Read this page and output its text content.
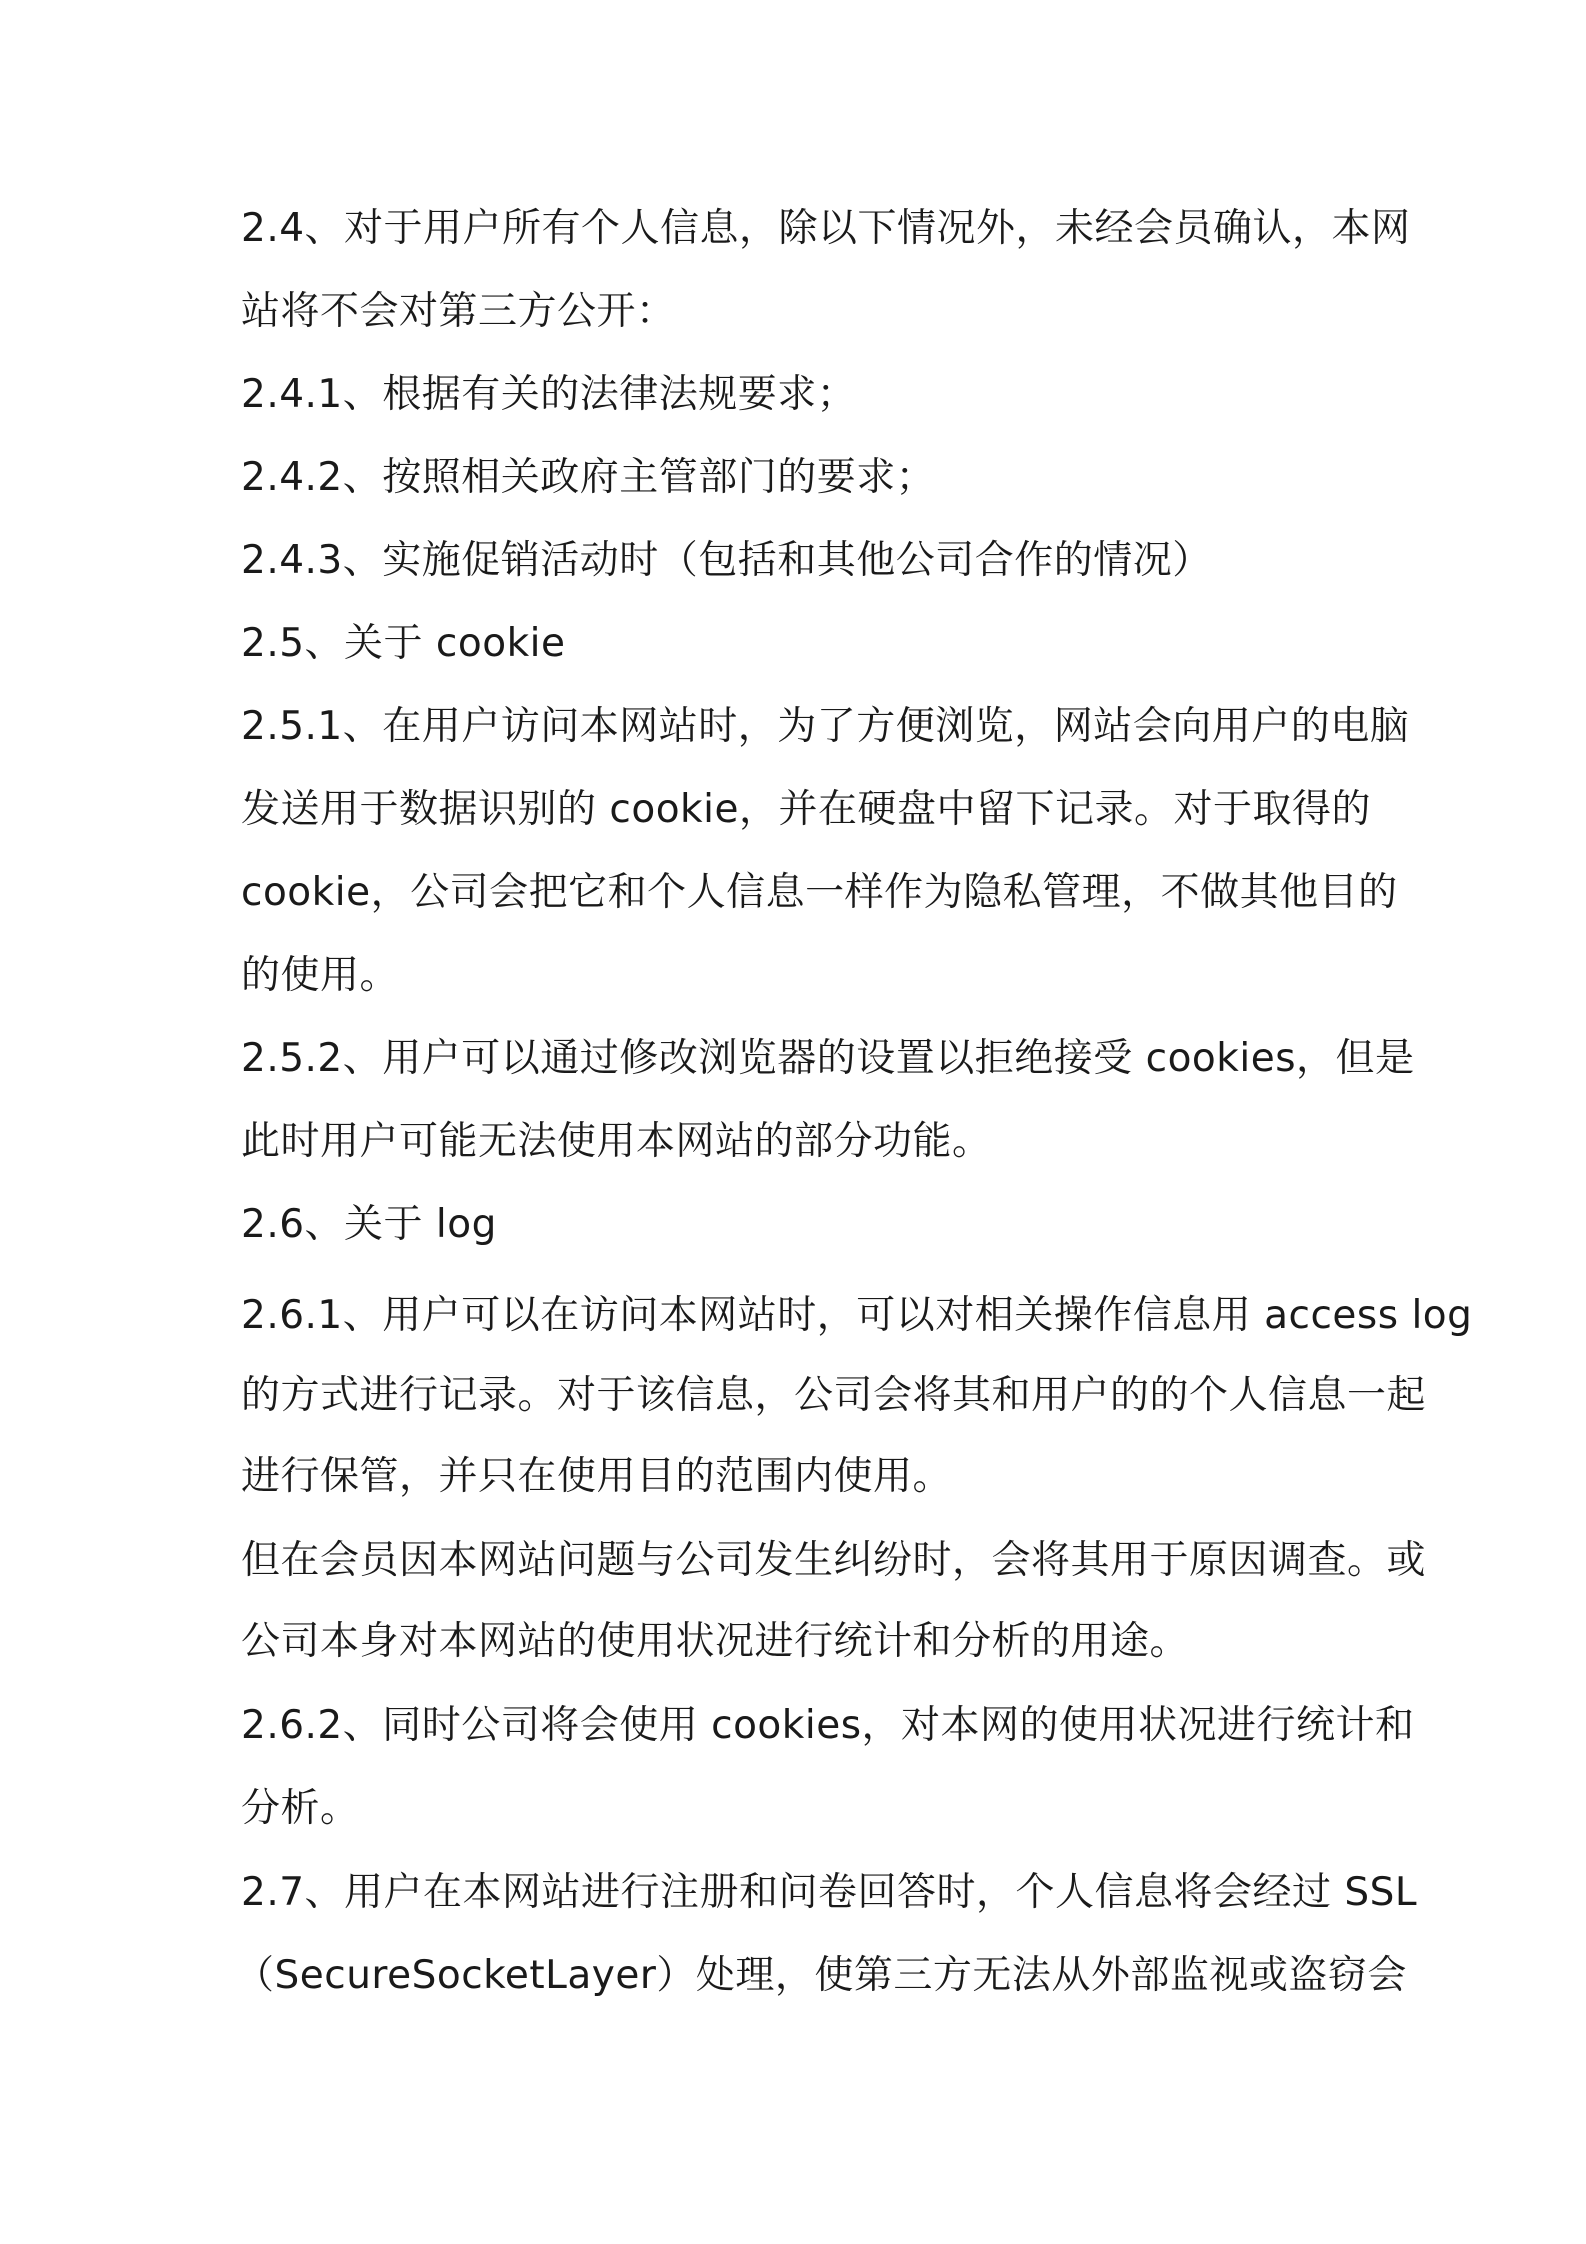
2.4、对于用户所有个人信息，除以下情况外，未经会员确认，本网
站将不会对第三方公开：
2.4.1、根据有关的法律法规要求；
2.4.2、按照相关政府主管部门的要求；
2.4.3、实施促销活动时（包括和其他公司合作的情况）
2.5、关于 cookie
2.5.1、在用户访问本网站时，为了方便浏览，网站会向用户的电脑
发送用于数据识别的 cookie，并在硬盘中留下记录。对于取得的
cookie，公司会把它和个人信息一样作为隐私管理，不做其他目的
的使用。
2.5.2、用户可以通过修改浏览器的设置以拒绝接受 cookies，但是
此时用户可能无法使用本网站的部分功能。
2.6、关于 log
2.6.1、用户可以在访问本网站时，可以对相关操作信息用 access log
的方式进行记录。对于该信息，公司会将其和用户的的个人信息一起
进行保管，并只在使用目的范围内使用。
但在会员因本网站问题与公司发生纠纷时，会将其用于原因调查。或
公司本身对本网站的使用状况进行统计和分析的用途。
2.6.2、同时公司将会使用 cookies，对本网的使用状况进行统计和
分析。
2.7、用户在本网站进行注册和问卷回答时，个人信息将会经过 SSL
（SecureSocketLayer）处理，使第三方无法从外部监视或盗窃会
